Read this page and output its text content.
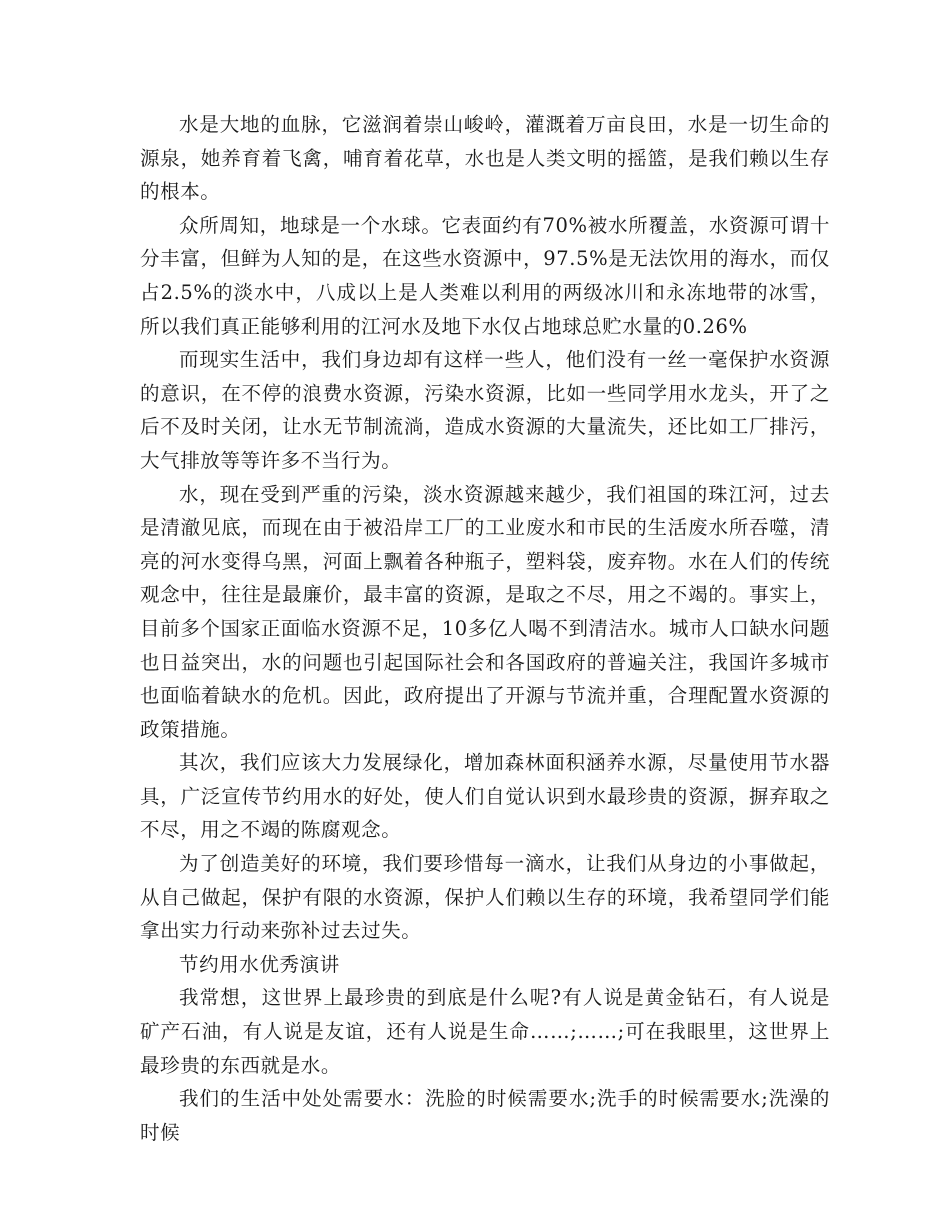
水是大地的血脉，它滋润着崇山峻岭，灌溉着万亩良田，水是一切生命的源泉，她养育着飞禽，哺育着花草，水也是人类文明的摇篮，是我们赖以生存的根本。

众所周知，地球是一个水球。它表面约有70%被水所覆盖，水资源可谓十分丰富，但鲜为人知的是，在这些水资源中，97.5%是无法饮用的海水，而仅占2.5%的淡水中，八成以上是人类难以利用的两级冰川和永冻地带的冰雪，所以我们真正能够利用的江河水及地下水仅占地球总贮水量的0.26%

而现实生活中，我们身边却有这样一些人，他们没有一丝一毫保护水资源的意识，在不停的浪费水资源，污染水资源，比如一些同学用水龙头，开了之后不及时关闭，让水无节制流淌，造成水资源的大量流失，还比如工厂排污，大气排放等等许多不当行为。

水，现在受到严重的污染，淡水资源越来越少，我们祖国的珠江河，过去是清澈见底，而现在由于被沿岸工厂的工业废水和市民的生活废水所吞噬，清亮的河水变得乌黑，河面上飘着各种瓶子，塑料袋，废弃物。水在人们的传统观念中，往往是最廉价，最丰富的资源，是取之不尽，用之不竭的。事实上，目前多个国家正面临水资源不足，10多亿人喝不到清洁水。城市人口缺水问题也日益突出，水的问题也引起国际社会和各国政府的普遍关注，我国许多城市也面临着缺水的危机。因此，政府提出了开源与节流并重，合理配置水资源的政策措施。

其次，我们应该大力发展绿化，增加森林面积涵养水源，尽量使用节水器具，广泛宣传节约用水的好处，使人们自觉认识到水最珍贵的资源，摒弃取之不尽，用之不竭的陈腐观念。

为了创造美好的环境，我们要珍惜每一滴水，让我们从身边的小事做起，从自己做起，保护有限的水资源，保护人们赖以生存的环境，我希望同学们能拿出实力行动来弥补过去过失。

节约用水优秀演讲

我常想，这世界上最珍贵的到底是什么呢?有人说是黄金钻石，有人说是矿产石油，有人说是友谊，还有人说是生命……;……;可在我眼里，这世界上最珍贵的东西就是水。

我们的生活中处处需要水：洗脸的时候需要水;洗手的时候需要水;洗澡的时候
